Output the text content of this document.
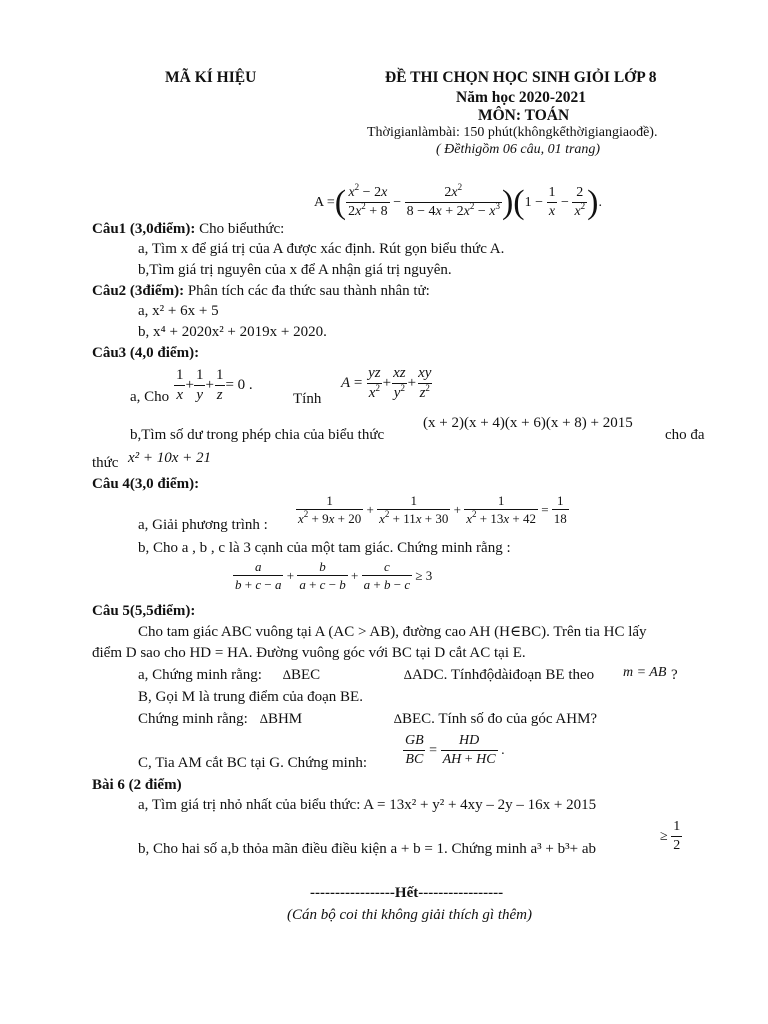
MÃ KÍ HIỆU	ĐỀ THI CHỌN HỌC SINH GIỎI LỚP 8
Năm học 2020-2021
MÔN: TOÁN
Thờigianlàmbài: 150 phút(khôngkểthờigiangiaođề).
( Đềthigồm 06 câu, 01 trang)
A = ( $\frac{x^2 - 2x}{2x^2 + 8} - \frac{2x^2}{8 - 4x + 2x^2 - x^3}$ )( $1 - \frac{1}{x} - \frac{2}{x^2}$ ) .
Câu1 (3,0điểm): Cho biểuthức:
a, Tìm x để giá trị của A được xác định. Rút gọn biểu thức A.
b,Tìm giá trị nguyên của x để A nhận giá trị nguyên.
Câu2 (3điểm): Phân tích các đa thức sau thành nhân tử:
a, x² + 6x + 5
b, x⁴ + 2020x² + 2019x + 2020.
Câu3 (4,0 điểm):
a, Cho $\frac{1}{x} + \frac{1}{y} + \frac{1}{z} = 0$ .
Tính
$A = \frac{yz}{x^2} + \frac{xz}{y^2} + \frac{xy}{z^2}$
b,Tìm số dư trong phép chia của biểu thức
(x + 2)(x + 4)(x + 6)(x + 8) + 2015
cho đa
thức x² + 10x + 21
Câu 4(3,0 điểm):
a, Giải phương trình : $\frac{1}{x^2 + 9x + 20} + \frac{1}{x^2 + 11x + 30} + \frac{1}{x^2 + 13x + 42} = \frac{1}{18}$
b, Cho a , b , c là 3 cạnh của một tam giác. Chứng minh rằng :
$\frac{a}{b + c - a} + \frac{b}{a + c - b} + \frac{c}{a + b - c} \ge 3$
Câu 5(5,5điểm):
Cho tam giác ABC vuông tại A (AC > AB), đường cao AH (H∈BC). Trên tia HC lấy
điểm D sao cho HD = HA. Đường vuông góc với BC tại D cắt AC tại E.
a, Chứng minh rằng: ∆BEC	∆ADC. Tínhđộdàiđoạn BE theo m = AB ?
B, Gọi M là trung điểm của đoạn BE.
Chứng minh rằng: ∆BHM	∆BEC. Tính số đo của góc AHM?
C, Tia AM cắt BC tại G. Chứng minh:	$\frac{GB}{BC} = \frac{HD}{AH + HC}$ .
Bài 6 (2 điểm)
a, Tìm giá trị nhỏ nhất của biểu thức: A = 13x² + y² + 4xy – 2y – 16x + 2015
b, Cho hai số a,b thỏa mãn điều điều kiện a + b = 1. Chứng minh a³ + b³+ ab
≥ $\frac{1}{2}$
-----------------Hết-----------------
(Cán bộ coi thi không giải thích gì thêm)
